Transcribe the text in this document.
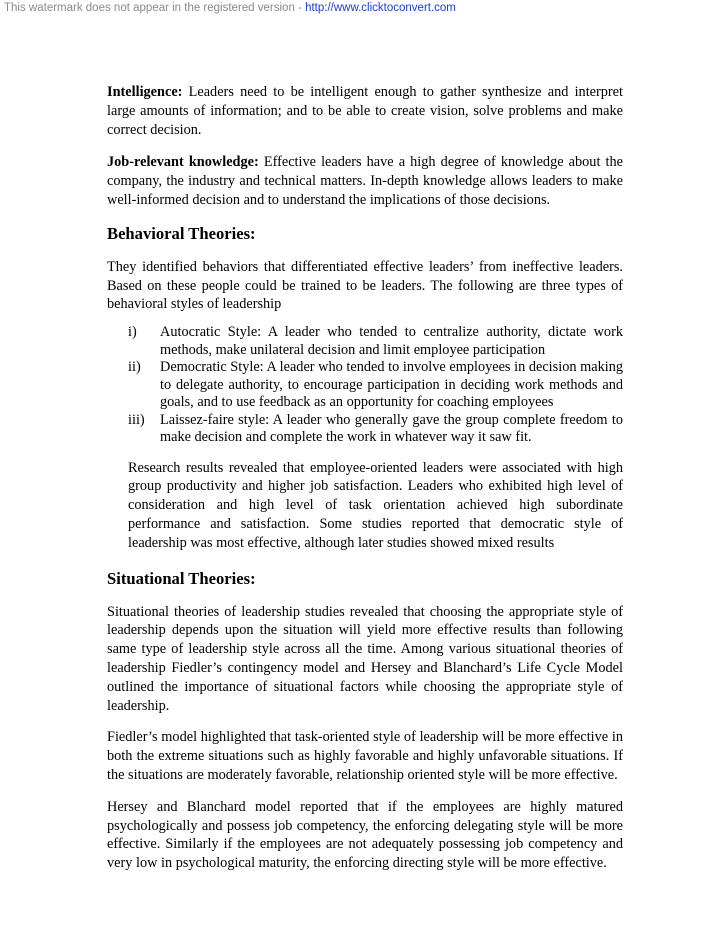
This watermark does not appear in the registered version - http://www.clicktoconvert.com

Intelligence: Leaders need to be intelligent enough to gather synthesize and interpret large amounts of information; and to be able to create vision, solve problems and make correct decision.

Job-relevant knowledge: Effective leaders have a high degree of knowledge about the company, the industry and technical matters. In-depth knowledge allows leaders to make well-informed decision and to understand the implications of those decisions.

Behavioral Theories:

They identified behaviors that differentiated effective leaders’ from ineffective leaders. Based on these people could be trained to be leaders. The following are three types of behavioral styles of leadership

i) Autocratic Style: A leader who tended to centralize authority, dictate work methods, make unilateral decision and limit employee participation
ii) Democratic Style: A leader who tended to involve employees in decision making to delegate authority, to encourage participation in deciding work methods and goals, and to use feedback as an opportunity for coaching employees
iii) Laissez-faire style: A leader who generally gave the group complete freedom to make decision and complete the work in whatever way it saw fit.

Research results revealed that employee-oriented leaders were associated with high group productivity and higher job satisfaction. Leaders who exhibited high level of consideration and high level of task orientation achieved high subordinate performance and satisfaction. Some studies reported that democratic style of leadership was most effective, although later studies showed mixed results

Situational Theories:

Situational theories of leadership studies revealed that choosing the appropriate style of leadership depends upon the situation will yield more effective results than following same type of leadership style across all the time. Among various situational theories of leadership Fiedler’s contingency model and Hersey and Blanchard’s Life Cycle Model outlined the importance of situational factors while choosing the appropriate style of leadership.

Fiedler’s model highlighted that task-oriented style of leadership will be more effective in both the extreme situations such as highly favorable and highly unfavorable situations. If the situations are moderately favorable, relationship oriented style will be more effective.

Hersey and Blanchard model reported that if the employees are highly matured psychologically and possess job competency, the enforcing delegating style will be more effective. Similarly if the employees are not adequately possessing job competency and very low in psychological maturity, the enforcing directing style will be more effective.
